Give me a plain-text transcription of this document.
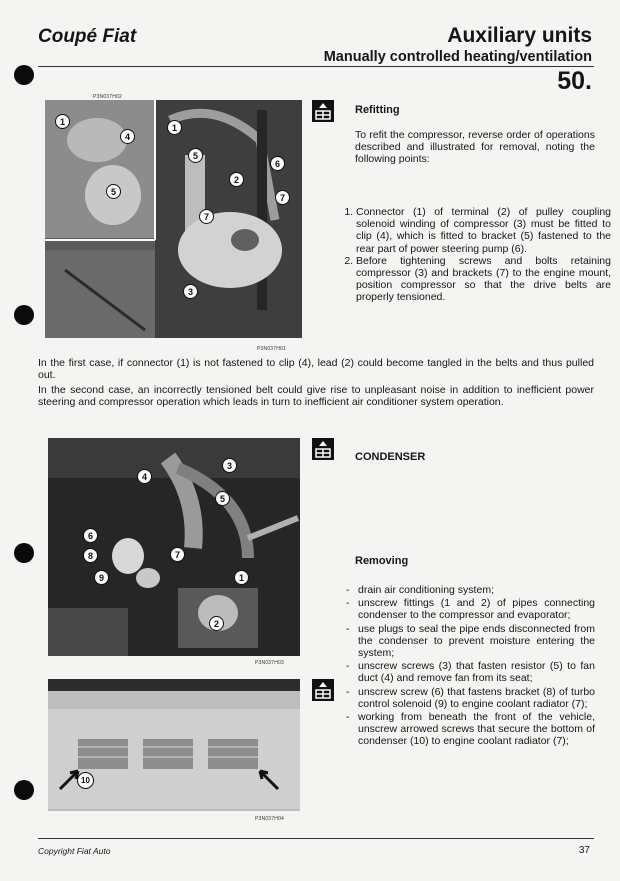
Coupé Fiat	Auxiliary units
Manually controlled heating/ventilation
50.
P3N037H02
1
4
5
1
5
6
2
7
7
3
P3N037H01
Refitting
To refit the compressor, reverse order of operations described and illustrated for removal, noting the following points:
1. Connector (1) of terminal (2) of pulley coupling solenoid winding of compressor (3) must be fitted to clip (4), which is fitted to bracket (5) fastened to the rear part of power steering pump (6).
2. Before tightening screws and bolts retaining compressor (3) and brackets (7) to the engine mount, position compressor so that the drive belts are properly tensioned.
In the first case, if connector (1) is not fastened to clip (4), lead (2) could become tangled in the belts and thus pulled out.
In the second case, an incorrectly tensioned belt could give rise to unpleasant noise in addition to inefficient power steering and compressor operation which leads in turn to inefficient air conditioner system operation.
3
4
5
6
8	7
9	1
2
P3N037H03
10
P3N037H04
CONDENSER
Removing
- drain air conditioning system;
- unscrew fittings (1 and 2) of pipes connecting condenser to the compressor and evaporator;
- use plugs to seal the pipe ends disconnected from the condenser to prevent moisture entering the system;
- unscrew screws (3) that fasten resistor (5) to fan duct (4) and remove fan from its seat;
- unscrew screw (6) that fastens bracket (8) of turbo control solenoid (9) to engine coolant radiator (7);
- working from beneath the front of the vehicle, unscrew arrowed screws that secure the bottom of condenser (10) to engine coolant radiator (7);
Copyright Fiat Auto	37
